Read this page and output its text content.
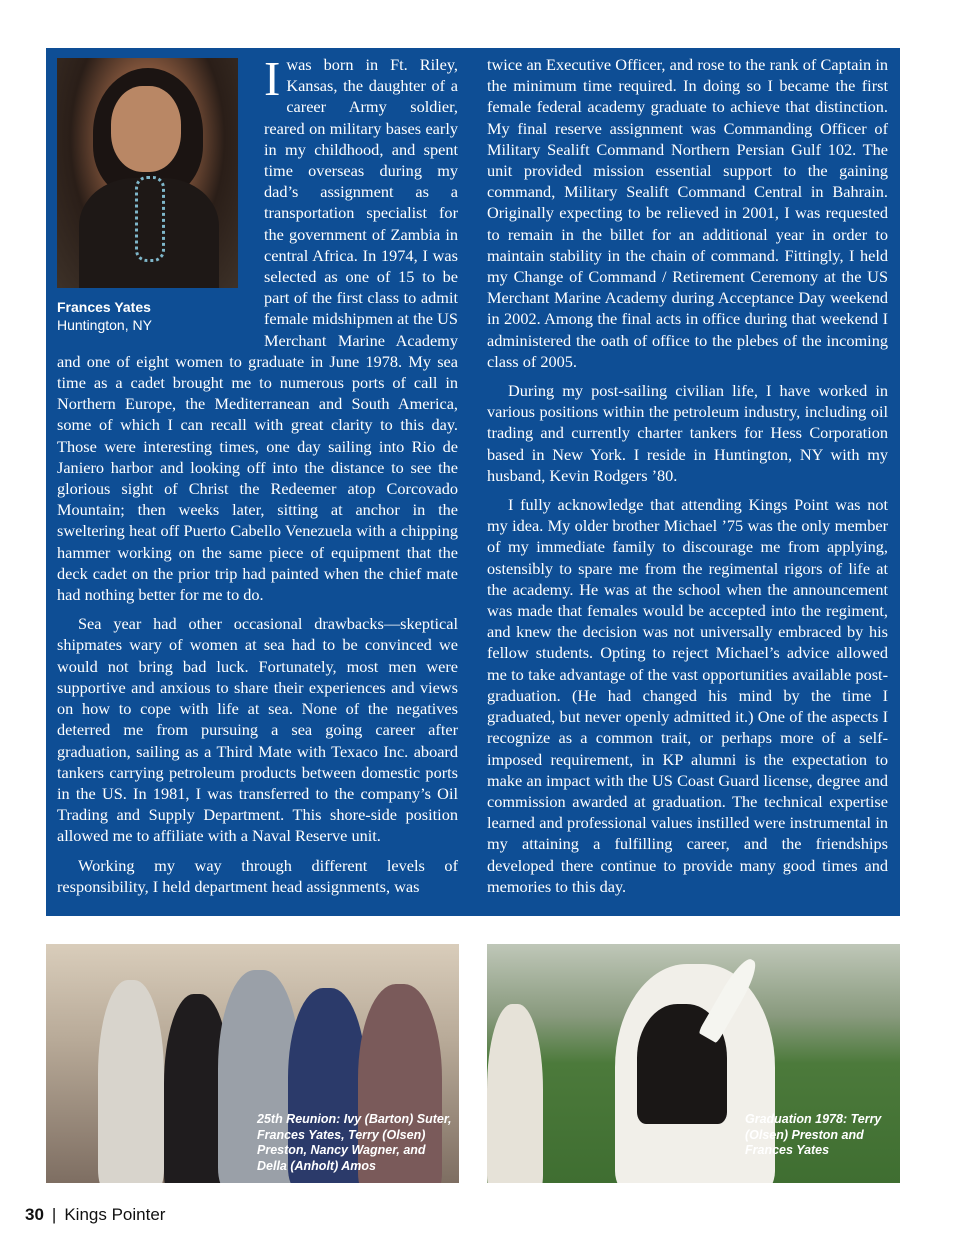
I

Frances Yates
Huntington, NY
was born in Ft. Riley, Kansas, the daughter of a career Army soldier, reared on military bases early in my childhood, and spent time overseas during my dad’s assignment as a transportation specialist for the government of Zambia in central Africa. In 1974, I was selected as one of 15 to be part of the first class to admit female midshipmen at the US Merchant Marine Academy and one of eight women to graduate in June 1978. My sea time as a cadet brought me to numerous ports of call in Northern Europe, the Mediterranean and South America, some of which I can recall with great clarity to this day. Those were interesting times, one day sailing into Rio de Janiero harbor and looking off into the distance to see the glorious sight of Christ the Redeemer atop Corcovado Mountain; then weeks later, sitting at anchor in the sweltering heat off Puerto Cabello Venezuela with a chipping hammer working on the same piece of equipment that the deck cadet on the prior trip had painted when the chief mate had nothing better for me to do.

Sea year had other occasional drawbacks—skeptical shipmates wary of women at sea had to be convinced we would not bring bad luck. Fortunately, most men were supportive and anxious to share their experiences and views on how to cope with life at sea. None of the negatives deterred me from pursuing a sea going career after graduation, sailing as a Third Mate with Texaco Inc. aboard tankers carrying petroleum products between domestic ports in the US. In 1981, I was transferred to the company’s Oil Trading and Supply Department. This shore-side position allowed me to affiliate with a Naval Reserve unit.

Working my way through different levels of responsibility, I held department head assignments, was

twice an Executive Officer, and rose to the rank of Captain in the minimum time required. In doing so I became the first female federal academy graduate to achieve that distinction. My final reserve assignment was Commanding Officer of Military Sealift Command Northern Persian Gulf 102. The unit provided mission essential support to the gaining command, Military Sealift Command Central in Bahrain. Originally expecting to be relieved in 2001, I was requested to remain in the billet for an additional year in order to maintain stability in the chain of command. Fittingly, I held my Change of Command / Retirement Ceremony at the US Merchant Marine Academy during Acceptance Day weekend in 2002. Among the final acts in office during that weekend I administered the oath of office to the plebes of the incoming class of 2005.

During my post-sailing civilian life, I have worked in various positions within the petroleum industry, including oil trading and currently charter tankers for Hess Corporation based in New York. I reside in Huntington, NY with my husband, Kevin Rodgers ’80.

I fully acknowledge that attending Kings Point was not my idea. My older brother Michael ’75 was the only member of my immediate family to discourage me from applying, ostensibly to spare me from the regimental rigors of life at the academy. He was at the school when the announcement was made that females would be accepted into the regiment, and knew the decision was not universally embraced by his fellow students. Opting to reject Michael’s advice allowed me to take advantage of the vast opportunities available post-graduation. (He had changed his mind by the time I graduated, but never openly admitted it.) One of the aspects I recognize as a common trait, or perhaps more of a self-imposed requirement, in KP alumni is the expectation to make an impact with the US Coast Guard license, degree and commission awarded at graduation. The technical expertise learned and professional values instilled were instrumental in my attaining a fulfilling career, and the friendships developed there continue to provide many good times and memories to this day.

25th Reunion: Ivy (Barton) Suter, Frances Yates, Terry (Olsen) Preston, Nancy Wagner, and Della (Anholt) Amos
Graduation 1978: Terry (Olsen) Preston and Frances Yates
30 | Kings Pointer
